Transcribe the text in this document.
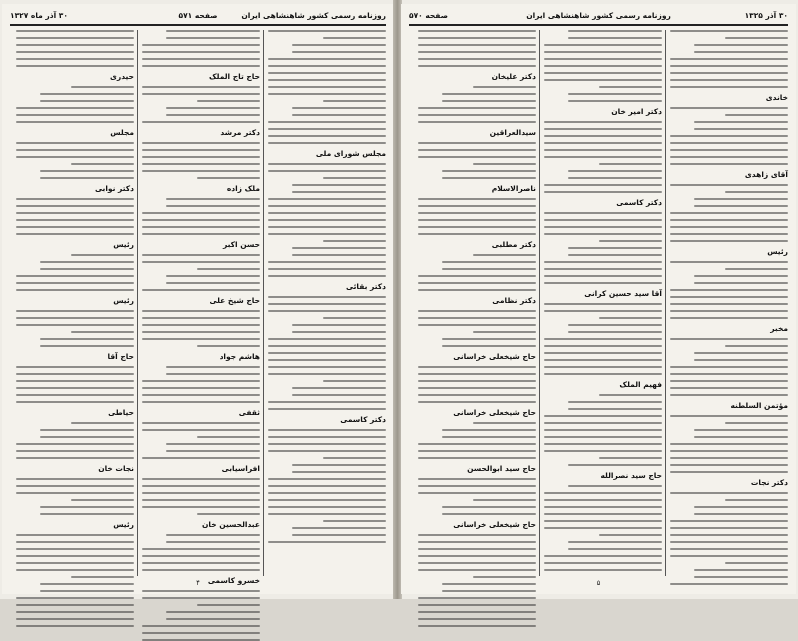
روزنامه رسمی کشور شاهنشاهی ایران
صفحه ۵۷۱
۳۰ آذر ماه ۱۳۲۷
مجلس شورای ملی
دکتر بقائی
دکتر کاسمی
حاج تاج الملک
دکتر مرشد
ملک زاده
حسن اکبر
حاج شیخ علی
هاشم جواد
ثقفی
افراسیابی
عبدالحسین خان
خسرو کاسمی
حیدری
مجلس
دکتر نوابی
رئیس
رئیس
حاج آقا
حیاطی
نجات خان
رئیس
۴
صفحه ۵۷۰	روزنامه رسمی کشور شاهنشاهی ایران	۳۰ آذر ۱۳۲۵
خاندی
آقای زاهدی
رئیس
مخبر
مؤتمن السلطنه
دکتر نجات
دکتر امیر خان
دکتر کاسمی
آقا سید حسین کرانی
فهیم الملک
حاج سید نصرالله
دکتر علیخان
سیدالعراقین
ناصرالاسلام
دکتر مطلبی
دکتر نظامی
حاج شیخعلی خراسانی
حاج شیخعلی خراسانی
حاج سید ابوالحسن
حاج شیخعلی خراسانی
۵
